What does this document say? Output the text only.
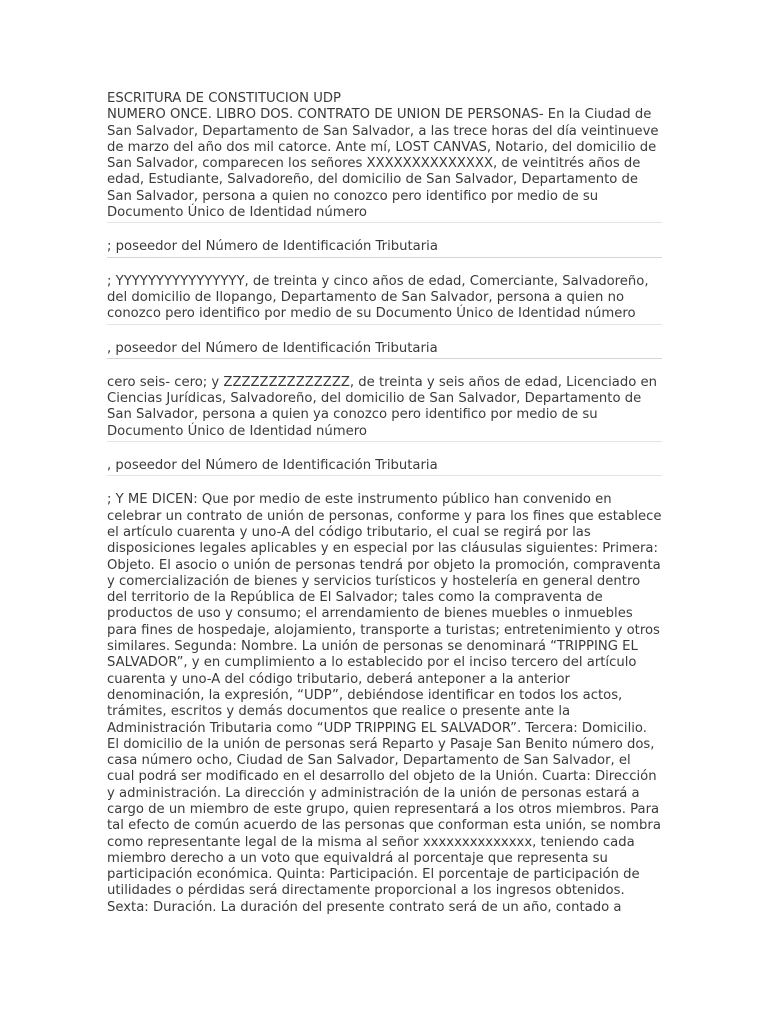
ESCRITURA DE CONSTITUCION UDP

NUMERO ONCE. LIBRO DOS. CONTRATO DE UNION DE PERSONAS- En la Ciudad de San Salvador, Departamento de San Salvador, a las trece horas del día veintinueve de marzo del año dos mil catorce. Ante mí, LOST CANVAS, Notario, del domicilio de San Salvador, comparecen los señores XXXXXXXXXXXXXX, de veintitrés años de edad, Estudiante, Salvadoreño, del domicilio de San Salvador, Departamento de San Salvador, persona a quien no conozco pero identifico por medio de su Documento Único de Identidad número

; poseedor del Número de Identificación Tributaria

; YYYYYYYYYYYYYYYY, de treinta y cinco años de edad, Comerciante, Salvadoreño, del domicilio de Ilopango, Departamento de San Salvador, persona a quien no conozco pero identifico por medio de su Documento Único de Identidad número

, poseedor del Número de Identificación Tributaria

cero seis- cero; y ZZZZZZZZZZZZZZ, de treinta y seis años de edad, Licenciado en Ciencias Jurídicas, Salvadoreño, del domicilio de San Salvador, Departamento de San Salvador, persona a quien ya conozco pero identifico por medio de su Documento Único de Identidad número

, poseedor del Número de Identificación Tributaria

; Y ME DICEN: Que por medio de este instrumento público han convenido en celebrar un contrato de unión de personas, conforme y para los fines que establece el artículo cuarenta y uno-A del código tributario, el cual se regirá por las disposiciones legales aplicables y en especial por las cláusulas siguientes: Primera: Objeto. El asocio o unión de personas tendrá por objeto la promoción, compraventa y comercialización de bienes y servicios turísticos y hostelería en general dentro del territorio de la República de El Salvador; tales como la compraventa de productos de uso y consumo; el arrendamiento de bienes muebles o inmuebles para fines de hospedaje, alojamiento, transporte a turistas; entretenimiento y otros similares. Segunda: Nombre. La unión de personas se denominará “TRIPPING EL SALVADOR”, y en cumplimiento a lo establecido por el inciso tercero del artículo cuarenta y uno-A del código tributario, deberá anteponer a la anterior denominación, la expresión, “UDP”, debiéndose identificar en todos los actos, trámites, escritos y demás documentos que realice o presente ante la Administración Tributaria como “UDP TRIPPING EL SALVADOR”. Tercera: Domicilio. El domicilio de la unión de personas será Reparto y Pasaje San Benito número dos, casa número ocho, Ciudad de San Salvador, Departamento de San Salvador, el cual podrá ser modificado en el desarrollo del objeto de la Unión. Cuarta: Dirección y administración. La dirección y administración de la unión de personas estará a cargo de un miembro de este grupo, quien representará a los otros miembros. Para tal efecto de común acuerdo de las personas que conforman esta unión, se nombra como representante legal de la misma al señor xxxxxxxxxxxxxx, teniendo cada miembro derecho a un voto que equivaldrá al porcentaje que representa su participación económica. Quinta: Participación. El porcentaje de participación de utilidades o pérdidas será directamente proporcional a los ingresos obtenidos. Sexta: Duración. La duración del presente contrato será de un año, contado a
